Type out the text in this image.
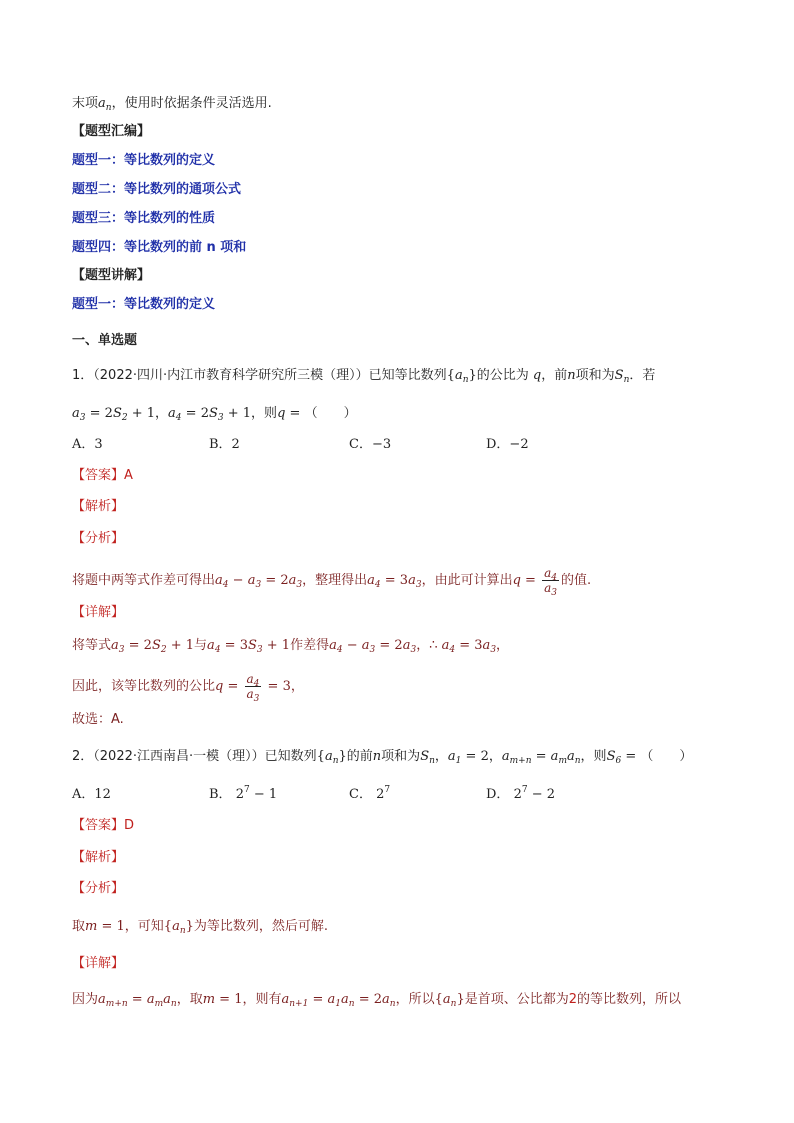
末项$a_n$，使用时依据条件灵活选用.
【题型汇编】
题型一：等比数列的定义
题型二：等比数列的通项公式
题型三：等比数列的性质
题型四：等比数列的前 n 项和
【题型讲解】
题型一：等比数列的定义
一、单选题
1．（2022·四川·内江市教育科学研究所三模（理））已知等比数列$\{a_n\}$的公比为 q，前n项和为$S_n$．若
$a_3 = 2S_2 + 1$，$a_4 = 2S_3 + 1$，则q = （　　）
A．3	B．2	C．−3	D．−2
【答案】A
【解析】
【分析】
将题中两等式作差可得出$a_4 - a_3 = 2a_3$，整理得出$a_4 = 3a_3$，由此可计算出$q = \frac{a_4}{a_3}$ 的值.
【详解】
将等式$a_3 = 2S_2 + 1$与$a_4 = 3S_3 + 1$作差得$a_4 - a_3 = 2a_3$，∴ $a_4 = 3a_3$，
因此，该等比数列的公比$q = \frac{a_4}{a_3} = 3$，
故选：A.
2．（2022·江西南昌·一模（理））已知数列$\{a_n\}$的前n项和为$S_n$，$a_1 = 2$，$a_{m+n} = a_ma_n$，则$S_6$ = （　　）
A．12	B． $2^7 - 1$	C． $2^7$	D． $2^7 - 2$
【答案】D
【解析】
【分析】
取m = 1，可知$\{a_n\}$为等比数列，然后可解.
【详解】
因为$a_{m+n} = a_ma_n$，取m = 1，则有$a_{n+1} = a_1a_n = 2a_n$，所以$\{a_n\}$是首项、公比都为2的等比数列，所以
